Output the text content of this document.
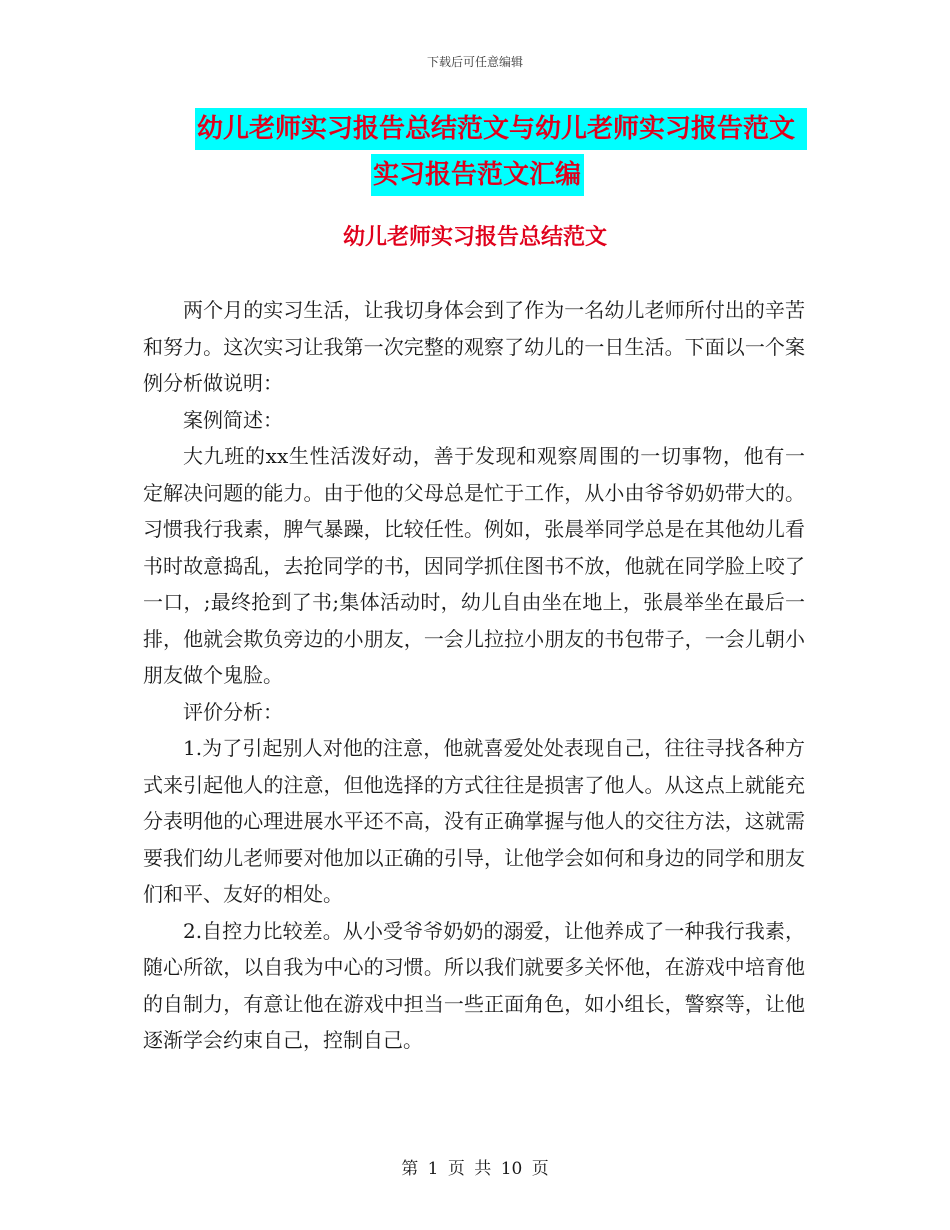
下载后可任意编辑
幼儿老师实习报告总结范文与幼儿老师实习报告范文
实习报告范文汇编
幼儿老师实习报告总结范文

两个月的实习生活，让我切身体会到了作为一名幼儿老师所付出的辛苦和努力。这次实习让我第一次完整的观察了幼儿的一日生活。下面以一个案例分析做说明：

案例简述：

大九班的xx生性活泼好动，善于发现和观察周围的一切事物，他有一定解决问题的能力。由于他的父母总是忙于工作，从小由爷爷奶奶带大的。习惯我行我素，脾气暴躁，比较任性。例如，张晨举同学总是在其他幼儿看书时故意捣乱，去抢同学的书，因同学抓住图书不放，他就在同学脸上咬了一口，;最终抢到了书;集体活动时，幼儿自由坐在地上，张晨举坐在最后一排，他就会欺负旁边的小朋友，一会儿拉拉小朋友的书包带子，一会儿朝小朋友做个鬼脸。

评价分析：

1.为了引起别人对他的注意，他就喜爱处处表现自己，往往寻找各种方式来引起他人的注意，但他选择的方式往往是损害了他人。从这点上就能充分表明他的心理进展水平还不高，没有正确掌握与他人的交往方法，这就需要我们幼儿老师要对他加以正确的引导，让他学会如何和身边的同学和朋友们和平、友好的相处。

2.自控力比较差。从小受爷爷奶奶的溺爱，让他养成了一种我行我素，随心所欲，以自我为中心的习惯。所以我们就要多关怀他，在游戏中培育他的自制力，有意让他在游戏中担当一些正面角色，如小组长，警察等，让他逐渐学会约束自己，控制自己。

第 1 页 共 10 页
